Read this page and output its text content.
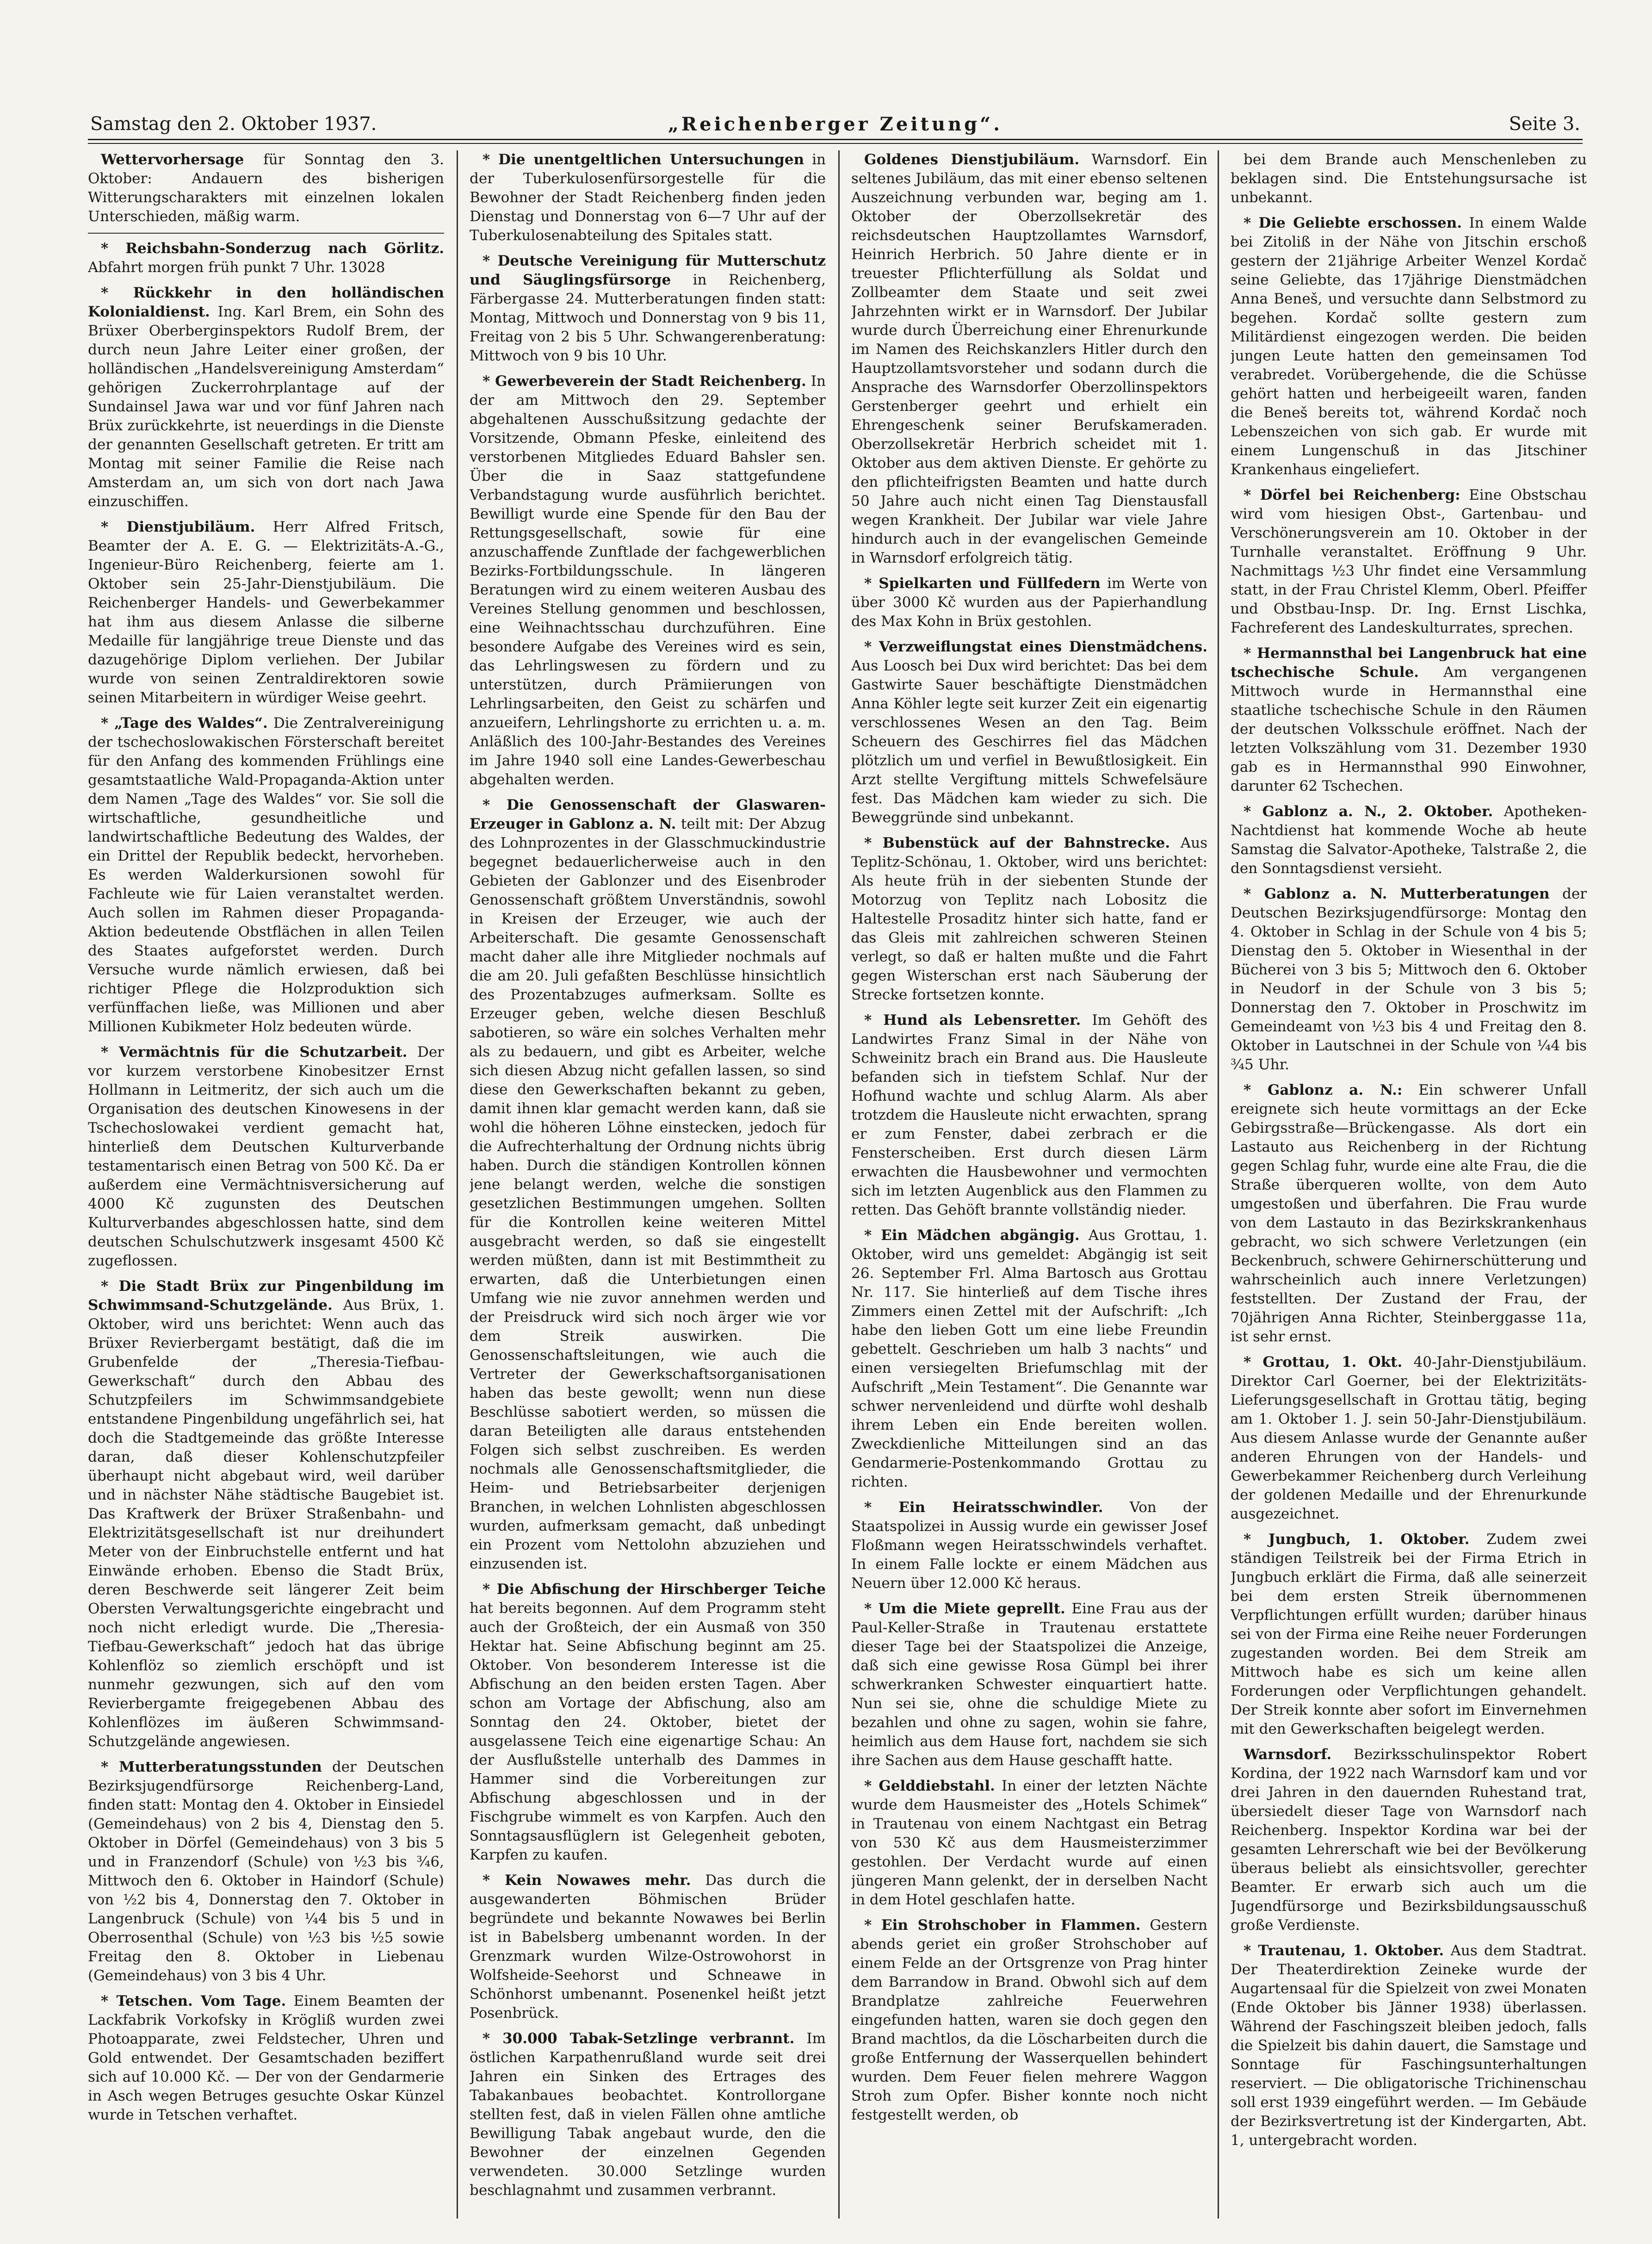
Samstag den 2. Oktober 1937.	„Reichenberger Zeitung“.	Seite 3.

Wettervorhersage für Sonntag den 3. Oktober: Andauern des bisherigen Witterungscharakters mit einzelnen lokalen Unterschieden, mäßig warm.

* Reichsbahn-Sonderzug nach Görlitz. Abfahrt morgen früh punkt 7 Uhr. 13028

* Rückkehr in den holländischen Kolonialdienst. Ing. Karl Brem, ein Sohn des Brüxer Oberberginspektors Rudolf Brem, der durch neun Jahre Leiter einer großen, der holländischen „Handelsvereinigung Amsterdam“ gehörigen Zuckerrohrplantage auf der Sundainsel Jawa war und vor fünf Jahren nach Brüx zurückkehrte, ist neuerdings in die Dienste der genannten Gesellschaft getreten. Er tritt am Montag mit seiner Familie die Reise nach Amsterdam an, um sich von dort nach Jawa einzuschiffen.

* Dienstjubiläum. Herr Alfred Fritsch, Beamter der A. E. G. — Elektrizitäts-A.-G., Ingenieur-Büro Reichenberg, feierte am 1. Oktober sein 25-Jahr-Dienstjubiläum. Die Reichenberger Handels- und Gewerbekammer hat ihm aus diesem Anlasse die silberne Medaille für langjährige treue Dienste und das dazugehörige Diplom verliehen. Der Jubilar wurde von seinen Zentraldirektoren sowie seinen Mitarbeitern in würdiger Weise geehrt.

* „Tage des Waldes“. Die Zentralvereinigung der tschechoslowakischen Försterschaft bereitet für den Anfang des kommenden Frühlings eine gesamtstaatliche Wald-Propaganda-Aktion unter dem Namen „Tage des Waldes“ vor. Sie soll die wirtschaftliche, gesundheitliche und landwirtschaftliche Bedeutung des Waldes, der ein Drittel der Republik bedeckt, hervorheben. Es werden Walderkursionen sowohl für Fachleute wie für Laien veranstaltet werden. Auch sollen im Rahmen dieser Propaganda-Aktion bedeutende Obstflächen in allen Teilen des Staates aufgeforstet werden. Durch Versuche wurde nämlich erwiesen, daß bei richtiger Pflege die Holzproduktion sich verfünffachen ließe, was Millionen und aber Millionen Kubikmeter Holz bedeuten würde.

* Vermächtnis für die Schutzarbeit. Der vor kurzem verstorbene Kinobesitzer Ernst Hollmann in Leitmeritz, der sich auch um die Organisation des deutschen Kinowesens in der Tschechoslowakei verdient gemacht hat, hinterließ dem Deutschen Kulturverbande testamentarisch einen Betrag von 500 Kč. Da er außerdem eine Vermächtnisversicherung auf 4000 Kč zugunsten des Deutschen Kulturverbandes abgeschlossen hatte, sind dem deutschen Schulschutzwerk insgesamt 4500 Kč zugeflossen.

* Die Stadt Brüx zur Pingenbildung im Schwimmsand-Schutzgelände. Aus Brüx, 1. Oktober, wird uns berichtet: Wenn auch das Brüxer Revierbergamt bestätigt, daß die im Grubenfelde der „Theresia-Tiefbau-Gewerkschaft“ durch den Abbau des Schutzpfeilers im Schwimmsandgebiete entstandene Pingenbildung ungefährlich sei, hat doch die Stadtgemeinde das größte Interesse daran, daß dieser Kohlenschutzpfeiler überhaupt nicht abgebaut wird, weil darüber und in nächster Nähe städtische Baugebiet ist. Das Kraftwerk der Brüxer Straßenbahn- und Elektrizitätsgesellschaft ist nur dreihundert Meter von der Einbruchstelle entfernt und hat Einwände erhoben. Ebenso die Stadt Brüx, deren Beschwerde seit längerer Zeit beim Obersten Verwaltungsgerichte eingebracht und noch nicht erledigt wurde. Die „Theresia-Tiefbau-Gewerkschaft“ jedoch hat das übrige Kohlenflöz so ziemlich erschöpft und ist nunmehr gezwungen, sich auf den vom Revierbergamte freigegebenen Abbau des Kohlenflözes im äußeren Schwimmsand-Schutzgelände angewiesen.

* Mutterberatungsstunden der Deutschen Bezirksjugendfürsorge Reichenberg-Land, finden statt: Montag den 4. Oktober in Einsiedel (Gemeindehaus) von 2 bis 4, Dienstag den 5. Oktober in Dörfel (Gemeindehaus) von 3 bis 5 und in Franzendorf (Schule) von ½3 bis ¾6, Mittwoch den 6. Oktober in Haindorf (Schule) von ½2 bis 4, Donnerstag den 7. Oktober in Langenbruck (Schule) von ¼4 bis 5 und in Oberrosenthal (Schule) von ½3 bis ½5 sowie Freitag den 8. Oktober in Liebenau (Gemeindehaus) von 3 bis 4 Uhr.

* Tetschen. Vom Tage. Einem Beamten der Lackfabrik Vorkofsky in Krögliß wurden zwei Photoapparate, zwei Feldstecher, Uhren und Gold entwendet. Der Gesamtschaden beziffert sich auf 10.000 Kč. — Der von der Gendarmerie in Asch wegen Betruges gesuchte Oskar Künzel wurde in Tetschen verhaftet.

* Die unentgeltlichen Untersuchungen in der Tuberkulosenfürsorgestelle für die Bewohner der Stadt Reichenberg finden jeden Dienstag und Donnerstag von 6—7 Uhr auf der Tuberkulosenabteilung des Spitales statt.

* Deutsche Vereinigung für Mutterschutz und Säuglingsfürsorge in Reichenberg, Färbergasse 24. Mutterberatungen finden statt: Montag, Mittwoch und Donnerstag von 9 bis 11, Freitag von 2 bis 5 Uhr. Schwangerenberatung: Mittwoch von 9 bis 10 Uhr.

* Gewerbeverein der Stadt Reichenberg. In der am Mittwoch den 29. September abgehaltenen Ausschußsitzung gedachte der Vorsitzende, Obmann Pfeske, einleitend des verstorbenen Mitgliedes Eduard Bahsler sen. Über die in Saaz stattgefundene Verbandstagung wurde ausführlich berichtet. Bewilligt wurde eine Spende für den Bau der Rettungsgesellschaft, sowie für eine anzuschaffende Zunftlade der fachgewerblichen Bezirks-Fortbildungsschule. In längeren Beratungen wird zu einem weiteren Ausbau des Vereines Stellung genommen und beschlossen, eine Weihnachtsschau durchzuführen. Eine besondere Aufgabe des Vereines wird es sein, das Lehrlingswesen zu fördern und zu unterstützen, durch Prämiierungen von Lehrlingsarbeiten, den Geist zu schärfen und anzueifern, Lehrlingshorte zu errichten u. a. m. Anläßlich des 100-Jahr-Bestandes des Vereines im Jahre 1940 soll eine Landes-Gewerbeschau abgehalten werden.

* Die Genossenschaft der Glaswaren-Erzeuger in Gablonz a. N. teilt mit: Der Abzug des Lohnprozentes in der Glasschmuckindustrie begegnet bedauerlicherweise auch in den Gebieten der Gablonzer und des Eisenbroder Genossenschaft größtem Unverständnis, sowohl in Kreisen der Erzeuger, wie auch der Arbeiterschaft. Die gesamte Genossenschaft macht daher alle ihre Mitglieder nochmals auf die am 20. Juli gefaßten Beschlüsse hinsichtlich des Prozentabzuges aufmerksam. Sollte es Erzeuger geben, welche diesen Beschluß sabotieren, so wäre ein solches Verhalten mehr als zu bedauern, und gibt es Arbeiter, welche sich diesen Abzug nicht gefallen lassen, so sind diese den Gewerkschaften bekannt zu geben, damit ihnen klar gemacht werden kann, daß sie wohl die höheren Löhne einstecken, jedoch für die Aufrechterhaltung der Ordnung nichts übrig haben. Durch die ständigen Kontrollen können jene belangt werden, welche die sonstigen gesetzlichen Bestimmungen umgehen. Sollten für die Kontrollen keine weiteren Mittel ausgebracht werden, so daß sie eingestellt werden müßten, dann ist mit Bestimmtheit zu erwarten, daß die Unterbietungen einen Umfang wie nie zuvor annehmen werden und der Preisdruck wird sich noch ärger wie vor dem Streik auswirken. Die Genossenschaftsleitungen, wie auch die Vertreter der Gewerkschaftsorganisationen haben das beste gewollt; wenn nun diese Beschlüsse sabotiert werden, so müssen die daran Beteiligten alle daraus entstehenden Folgen sich selbst zuschreiben. Es werden nochmals alle Genossenschaftsmitglieder, die Heim- und Betriebsarbeiter derjenigen Branchen, in welchen Lohnlisten abgeschlossen wurden, aufmerksam gemacht, daß unbedingt ein Prozent vom Nettolohn abzuziehen und einzusenden ist.

* Die Abfischung der Hirschberger Teiche hat bereits begonnen. Auf dem Programm steht auch der Großteich, der ein Ausmaß von 350 Hektar hat. Seine Abfischung beginnt am 25. Oktober. Von besonderem Interesse ist die Abfischung an den beiden ersten Tagen. Aber schon am Vortage der Abfischung, also am Sonntag den 24. Oktober, bietet der ausgelassene Teich eine eigenartige Schau: An der Ausflußstelle unterhalb des Dammes in Hammer sind die Vorbereitungen zur Abfischung abgeschlossen und in der Fischgrube wimmelt es von Karpfen. Auch den Sonntagsausflüglern ist Gelegenheit geboten, Karpfen zu kaufen.

* Kein Nowawes mehr. Das durch die ausgewanderten Böhmischen Brüder begründete und bekannte Nowawes bei Berlin ist in Babelsberg umbenannt worden. In der Grenzmark wurden Wilze-Ostrowohorst in Wolfsheide-Seehorst und Schneawe in Schönhorst umbenannt. Posenenkel heißt jetzt Posenbrück.

* 30.000 Tabak-Setzlinge verbrannt. Im östlichen Karpathenrußland wurde seit drei Jahren ein Sinken des Ertrages des Tabakanbaues beobachtet. Kontrollorgane stellten fest, daß in vielen Fällen ohne amtliche Bewilligung Tabak angebaut wurde, den die Bewohner der einzelnen Gegenden verwendeten. 30.000 Setzlinge wurden beschlagnahmt und zusammen verbrannt.

Goldenes Dienstjubiläum. Warnsdorf. Ein seltenes Jubiläum, das mit einer ebenso seltenen Auszeichnung verbunden war, beging am 1. Oktober der Oberzollsekretär des reichsdeutschen Hauptzollamtes Warnsdorf, Heinrich Herbrich. 50 Jahre diente er in treuester Pflichterfüllung als Soldat und Zollbeamter dem Staate und seit zwei Jahrzehnten wirkt er in Warnsdorf. Der Jubilar wurde durch Überreichung einer Ehrenurkunde im Namen des Reichskanzlers Hitler durch den Hauptzollamtsvorsteher und sodann durch die Ansprache des Warnsdorfer Oberzollinspektors Gerstenberger geehrt und erhielt ein Ehrengeschenk seiner Berufskameraden. Oberzollsekretär Herbrich scheidet mit 1. Oktober aus dem aktiven Dienste. Er gehörte zu den pflichteifrigsten Beamten und hatte durch 50 Jahre auch nicht einen Tag Dienstausfall wegen Krankheit. Der Jubilar war viele Jahre hindurch auch in der evangelischen Gemeinde in Warnsdorf erfolgreich tätig.

* Spielkarten und Füllfedern im Werte von über 3000 Kč wurden aus der Papierhandlung des Max Kohn in Brüx gestohlen.

* Verzweiflungstat eines Dienstmädchens. Aus Loosch bei Dux wird berichtet: Das bei dem Gastwirte Sauer beschäftigte Dienstmädchen Anna Köhler legte seit kurzer Zeit ein eigenartig verschlossenes Wesen an den Tag. Beim Scheuern des Geschirres fiel das Mädchen plötzlich um und verfiel in Bewußtlosigkeit. Ein Arzt stellte Vergiftung mittels Schwefelsäure fest. Das Mädchen kam wieder zu sich. Die Beweggründe sind unbekannt.

* Bubenstück auf der Bahnstrecke. Aus Teplitz-Schönau, 1. Oktober, wird uns berichtet: Als heute früh in der siebenten Stunde der Motorzug von Teplitz nach Lobositz die Haltestelle Prosaditz hinter sich hatte, fand er das Gleis mit zahlreichen schweren Steinen verlegt, so daß er halten mußte und die Fahrt gegen Wisterschan erst nach Säuberung der Strecke fortsetzen konnte.

* Hund als Lebensretter. Im Gehöft des Landwirtes Franz Simal in der Nähe von Schweinitz brach ein Brand aus. Die Hausleute befanden sich in tiefstem Schlaf. Nur der Hofhund wachte und schlug Alarm. Als aber trotzdem die Hausleute nicht erwachten, sprang er zum Fenster, dabei zerbrach er die Fensterscheiben. Erst durch diesen Lärm erwachten die Hausbewohner und vermochten sich im letzten Augenblick aus den Flammen zu retten. Das Gehöft brannte vollständig nieder.

* Ein Mädchen abgängig. Aus Grottau, 1. Oktober, wird uns gemeldet: Abgängig ist seit 26. September Frl. Alma Bartosch aus Grottau Nr. 117. Sie hinterließ auf dem Tische ihres Zimmers einen Zettel mit der Aufschrift: „Ich habe den lieben Gott um eine liebe Freundin gebettelt. Geschrieben um halb 3 nachts“ und einen versiegelten Briefumschlag mit der Aufschrift „Mein Testament“. Die Genannte war schwer nervenleidend und dürfte wohl deshalb ihrem Leben ein Ende bereiten wollen. Zweckdienliche Mitteilungen sind an das Gendarmerie-Postenkommando Grottau zu richten.

* Ein Heiratsschwindler. Von der Staatspolizei in Aussig wurde ein gewisser Josef Floßmann wegen Heiratsschwindels verhaftet. In einem Falle lockte er einem Mädchen aus Neuern über 12.000 Kč heraus.

* Um die Miete geprellt. Eine Frau aus der Paul-Keller-Straße in Trautenau erstattete dieser Tage bei der Staatspolizei die Anzeige, daß sich eine gewisse Rosa Gümpl bei ihrer schwerkranken Schwester einquartiert hatte. Nun sei sie, ohne die schuldige Miete zu bezahlen und ohne zu sagen, wohin sie fahre, heimlich aus dem Hause fort, nachdem sie sich ihre Sachen aus dem Hause geschafft hatte.

* Gelddiebstahl. In einer der letzten Nächte wurde dem Hausmeister des „Hotels Schimek“ in Trautenau von einem Nachtgast ein Betrag von 530 Kč aus dem Hausmeisterzimmer gestohlen. Der Verdacht wurde auf einen jüngeren Mann gelenkt, der in derselben Nacht in dem Hotel geschlafen hatte.

* Ein Strohschober in Flammen. Gestern abends geriet ein großer Strohschober auf einem Felde an der Ortsgrenze von Prag hinter dem Barrandow in Brand. Obwohl sich auf dem Brandplatze zahlreiche Feuerwehren eingefunden hatten, waren sie doch gegen den Brand machtlos, da die Löscharbeiten durch die große Entfernung der Wasserquellen behindert wurden. Dem Feuer fielen mehrere Waggon Stroh zum Opfer. Bisher konnte noch nicht festgestellt werden, ob

bei dem Brande auch Menschenleben zu beklagen sind. Die Entstehungsursache ist unbekannt.

* Die Geliebte erschossen. In einem Walde bei Zitoliß in der Nähe von Jitschin erschoß gestern der 21jährige Arbeiter Wenzel Kordač seine Geliebte, das 17jährige Dienstmädchen Anna Beneš, und versuchte dann Selbstmord zu begehen. Kordač sollte gestern zum Militärdienst eingezogen werden. Die beiden jungen Leute hatten den gemeinsamen Tod verabredet. Vorübergehende, die die Schüsse gehört hatten und herbeigeeilt waren, fanden die Beneš bereits tot, während Kordač noch Lebenszeichen von sich gab. Er wurde mit einem Lungenschuß in das Jitschiner Krankenhaus eingeliefert.

* Dörfel bei Reichenberg: Eine Obstschau wird vom hiesigen Obst-, Gartenbau- und Verschönerungsverein am 10. Oktober in der Turnhalle veranstaltet. Eröffnung 9 Uhr. Nachmittags ½3 Uhr findet eine Versammlung statt, in der Frau Christel Klemm, Oberl. Pfeiffer und Obstbau-Insp. Dr. Ing. Ernst Lischka, Fachreferent des Landeskulturrates, sprechen.

* Hermannsthal bei Langenbruck hat eine tschechische Schule. Am vergangenen Mittwoch wurde in Hermannsthal eine staatliche tschechische Schule in den Räumen der deutschen Volksschule eröffnet. Nach der letzten Volkszählung vom 31. Dezember 1930 gab es in Hermannsthal 990 Einwohner, darunter 62 Tschechen.

* Gablonz a. N., 2. Oktober. Apotheken-Nachtdienst hat kommende Woche ab heute Samstag die Salvator-Apotheke, Talstraße 2, die den Sonntagsdienst versieht.

* Gablonz a. N. Mutterberatungen der Deutschen Bezirksjugendfürsorge: Montag den 4. Oktober in Schlag in der Schule von 4 bis 5; Dienstag den 5. Oktober in Wiesenthal in der Bücherei von 3 bis 5; Mittwoch den 6. Oktober in Neudorf in der Schule von 3 bis 5; Donnerstag den 7. Oktober in Proschwitz im Gemeindeamt von ½3 bis 4 und Freitag den 8. Oktober in Lautschnei in der Schule von ¼4 bis ¾5 Uhr.

* Gablonz a. N.: Ein schwerer Unfall ereignete sich heute vormittags an der Ecke Gebirgsstraße—Brückengasse. Als dort ein Lastauto aus Reichenberg in der Richtung gegen Schlag fuhr, wurde eine alte Frau, die die Straße überqueren wollte, von dem Auto umgestoßen und überfahren. Die Frau wurde von dem Lastauto in das Bezirkskrankenhaus gebracht, wo sich schwere Verletzungen (ein Beckenbruch, schwere Gehirnerschütterung und wahrscheinlich auch innere Verletzungen) feststellten. Der Zustand der Frau, der 70jährigen Anna Richter, Steinberggasse 11a, ist sehr ernst.

* Grottau, 1. Okt. 40-Jahr-Dienstjubiläum. Direktor Carl Goerner, bei der Elektrizitäts-Lieferungsgesellschaft in Grottau tätig, beging am 1. Oktober 1. J. sein 50-Jahr-Dienstjubiläum. Aus diesem Anlasse wurde der Genannte außer anderen Ehrungen von der Handels- und Gewerbekammer Reichenberg durch Verleihung der goldenen Medaille und der Ehrenurkunde ausgezeichnet.

* Jungbuch, 1. Oktober. Zudem zwei ständigen Teilstreik bei der Firma Etrich in Jungbuch erklärt die Firma, daß alle seinerzeit bei dem ersten Streik übernommenen Verpflichtungen erfüllt wurden; darüber hinaus sei von der Firma eine Reihe neuer Forderungen zugestanden worden. Bei dem Streik am Mittwoch habe es sich um keine allen Forderungen oder Verpflichtungen gehandelt. Der Streik konnte aber sofort im Einvernehmen mit den Gewerkschaften beigelegt werden.

Warnsdorf. Bezirksschulinspektor Robert Kordina, der 1922 nach Warnsdorf kam und vor drei Jahren in den dauernden Ruhestand trat, übersiedelt dieser Tage von Warnsdorf nach Reichenberg. Inspektor Kordina war bei der gesamten Lehrerschaft wie bei der Bevölkerung überaus beliebt als einsichtsvoller, gerechter Beamter. Er erwarb sich auch um die Jugendfürsorge und Bezirksbildungsausschuß große Verdienste.

* Trautenau, 1. Oktober. Aus dem Stadtrat. Der Theaterdirektion Zeineke wurde der Augartensaal für die Spielzeit von zwei Monaten (Ende Oktober bis Jänner 1938) überlassen. Während der Faschingszeit bleiben jedoch, falls die Spielzeit bis dahin dauert, die Samstage und Sonntage für Faschingsunterhaltungen reserviert. — Die obligatorische Trichinenschau soll erst 1939 eingeführt werden. — Im Gebäude der Bezirksvertretung ist der Kindergarten, Abt. 1, untergebracht worden.
